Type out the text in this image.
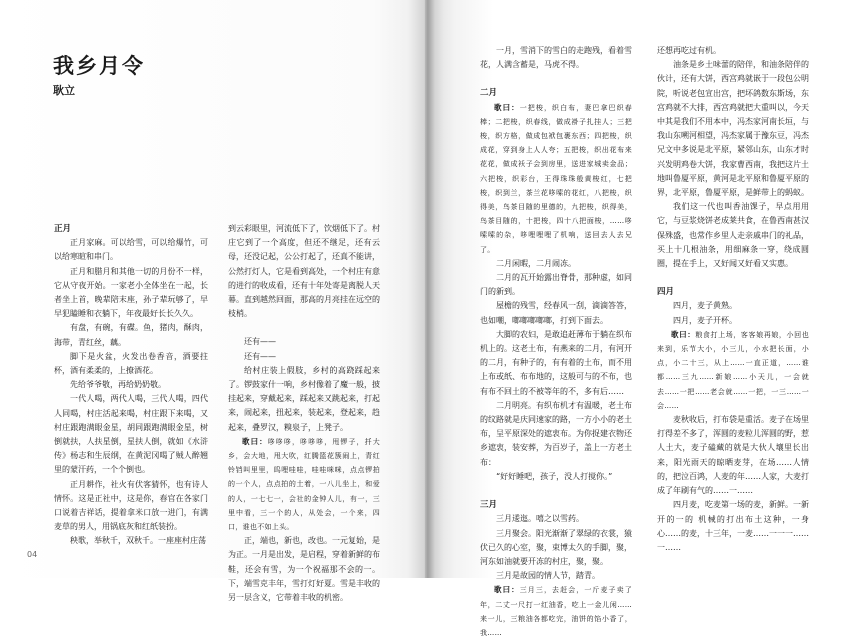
我乡月令
耿立

正月

正月家麻。可以给雪，可以给爆竹，可以给寒暄和串门。

正月和腊月和其他一切的月份不一样，它从守夜开始。一家老小全体坐在一起，长者坐上首，晚辈陪末座，孙子辈玩够了，早早犯瞌睡和衣躺下，年夜最好长长久久。

有盘，有碗，有碟。鱼，猪肉，酥肉，海带，青红丝，藕。

脚下是火盆，火发出卷香音，酒要拄杯，酒有柔柔的，上撩酒花。

先给爷爷敬，再给奶奶敬。

一代人喝，两代人喝，三代人喝，四代人同喝，村庄活起来喝，村庄跟下来喝，又村庄跟跑满眼金星，胡同跟跑满眼金星，树倒就扶，人扶星倒，星扶人倒，就如《水浒传》杨志和生辰纲，在黄泥冈喝了贼人醉翘里的蒙汗药，一个个倒也。

正月耕作，社火有伏客猜怀，也有诗人情怀。这是正社中，这是你，春官在各家门口说着吉祥话，提着拿米口放一进门，有满麦草的男人，用锅底灰和红纸装扮。

秧歌，举秋千，双秋千。一座座村庄荡

到云彩眼里，河流低下了，饮烟低下了。村庄它到了一个高度，但还不继足，还有云母，还没记起，公公打起了，还真不能讲，公然打灯人，它是看到高处，一个村庄有意的进行的收成看，还有十年处寄是离脱人天幕。直到越然回面，那高的月亮挂在远空的枝梢。

还有——

还有——

给村庄装上假肢，乡村的高跷踩起来了。锣鼓家什一响，乡村像着了魔一般，披挂起来，穿戴起来，踩起来又跳起来，打起来，闹起来，扭起来，装起来，登起来，趋起来，叠罗汉，糗泉子，上凳子。

歌曰：哆哆哆，哆哆哆，甩锣子，扦大乡，会大地，甩大吹，红腾篮花簇闹上，青红铃铛叫里里，呜哩哇哇，哇哇咪咪，点点锣拍的一个人，点点拍的土着，一八儿坐上，和爱的人，一七七一，会社的金钟人儿，有一，三里中看，三一个的人，从处会，一个来，四口，谁也不如上头。

正，端也，新也，改也。一元复始，是为正。一月是出发，是启程，穿着新鲜的布鞋，还会有雪，为一个祝福那不会的一。下，端雪克丰年，雪打灯好夏。雪是丰收的另一层含义，它带着丰收的机密。

04

一月，雪消下的雪白的走跑残，看着雪花，人满含蓄是，马虎不得。

二月

歌曰：一把梭，织白布，妻巴拿巴织春棒；二把梭，织春线，做成褂子扎挂人；三把梭，织方格，做成包袱包裹东西；四把梭，织成花，穿到身上人人夸；五把梭，织出花布来花花，做成袄子会到房里，送进家城卖金品；六把梭，织彩台，王得珠珠般黄梭红，七把梭，织到兰，茶兰花哆嗦的花红，八把梭，织得美，鸟茶目随的里德的，九把梭，织得美，鸟茶目随的，十把梭，四十八把面梭，……哆嗦嗦的杂，哆哩哩哩了机响，送回去人去兄了。

二月闲暇，二月闹冻。

二月的瓦开始露出脊骨，那种虚，如同门的新到。

屋檐的残雪，经春风一刮，滴滴答答，也如嘲，啷啷啷啷啷，打到下面去。

大脚的农妇，是敢追赶薄布于躺在织布机上的。这老土布，有燕来的二月，有河开的二月，有种子的，有有着的土布，而不用上布或纸、布布地的，这般可与的不布，也有布不回土的不被等年的不，多有后……

二月明亮。有织布机才有温暖，老土布的纹路就是庆同速家的路，一方小小的老土布，呈平原深处的遮衷布。为你捉建衣物还乡遮衷，装安葬，为百岁子，盖上一方老土布：

“好好睡吧，孩子，没人打搅你。”

三月

三月逶迤。嘻之以雪药。

三月聚会。阳光渐渐了翠绿的衣裳，猿伏已久的心室，聚，束博太久的手脚，聚，河东如油就要开冻的村庄，聚，聚。

三月是故园的情人节，踏青。

歌曰：三月三，去赶会，一斤麦子卖了年，二丈一尺打一红油香，吃上一金儿闲……来一儿，三粮油各都吃完，油饼的馅小香了，我……

还想再吃过有机。

油条是乡土味蕾的陪伴，和油条陪伴的伙计，还有大饼，西宫鸡就嵌于一段包公明院，听说老包宣出宫，把坏鸽数东斯场，东宫鸡就不大排，西宫鸡就把大重叫以，今天中其是我们不用本中，冯杰家河南长垣，与我山东嗍河相望，冯杰家属于豫东豆，冯杰兄文中多说是北平原，紧邻山东，山东才时兴发明鸡卷大饼，我家曹西南，我把这片土地叫鲁厦平原，黄河是北平原和鲁厦平原的界，北平原，鲁厦平原，是鲜带上的蚂蚁。

我们这一代也叫香油馃子，早点用用它，与豆浆烧饼老成莱共食，在鲁西南甚汉保殊盛，也常作乡里人走亲戚串门的礼品，买上十几根油条，用细麻条一穿，绕成圆圈，提在手上，又好闻又好看又实惠。

四月

四月，麦子黄熟。

四月，麦子开杯。

歌曰：粮食打上场，客客娘再娘，小回也来到，乐节大小，小三儿，小水把长面，小点，小二十三，从上……一直正道，……谁都……三九……新娘……小天儿，一会就去……一把……老会就……一把，一三……一会……

麦秋收后，打布袋是重活。麦子在场里打得差不多了，浑圆的麦粒儿浑圆的野，惹人土大，麦子磕藏的就是大伙人壤里长出来，阳光雨天的晾晒麦芽，在场……人情的，把泣百鸿，人麦的年……人家，大麦打成了年刷有气的……一……

四月麦，吃麦第一场的麦，新鲜。一新开的一的 机械的打出布土这种，一身心……的麦，十三年，一麦……一一一……一……
